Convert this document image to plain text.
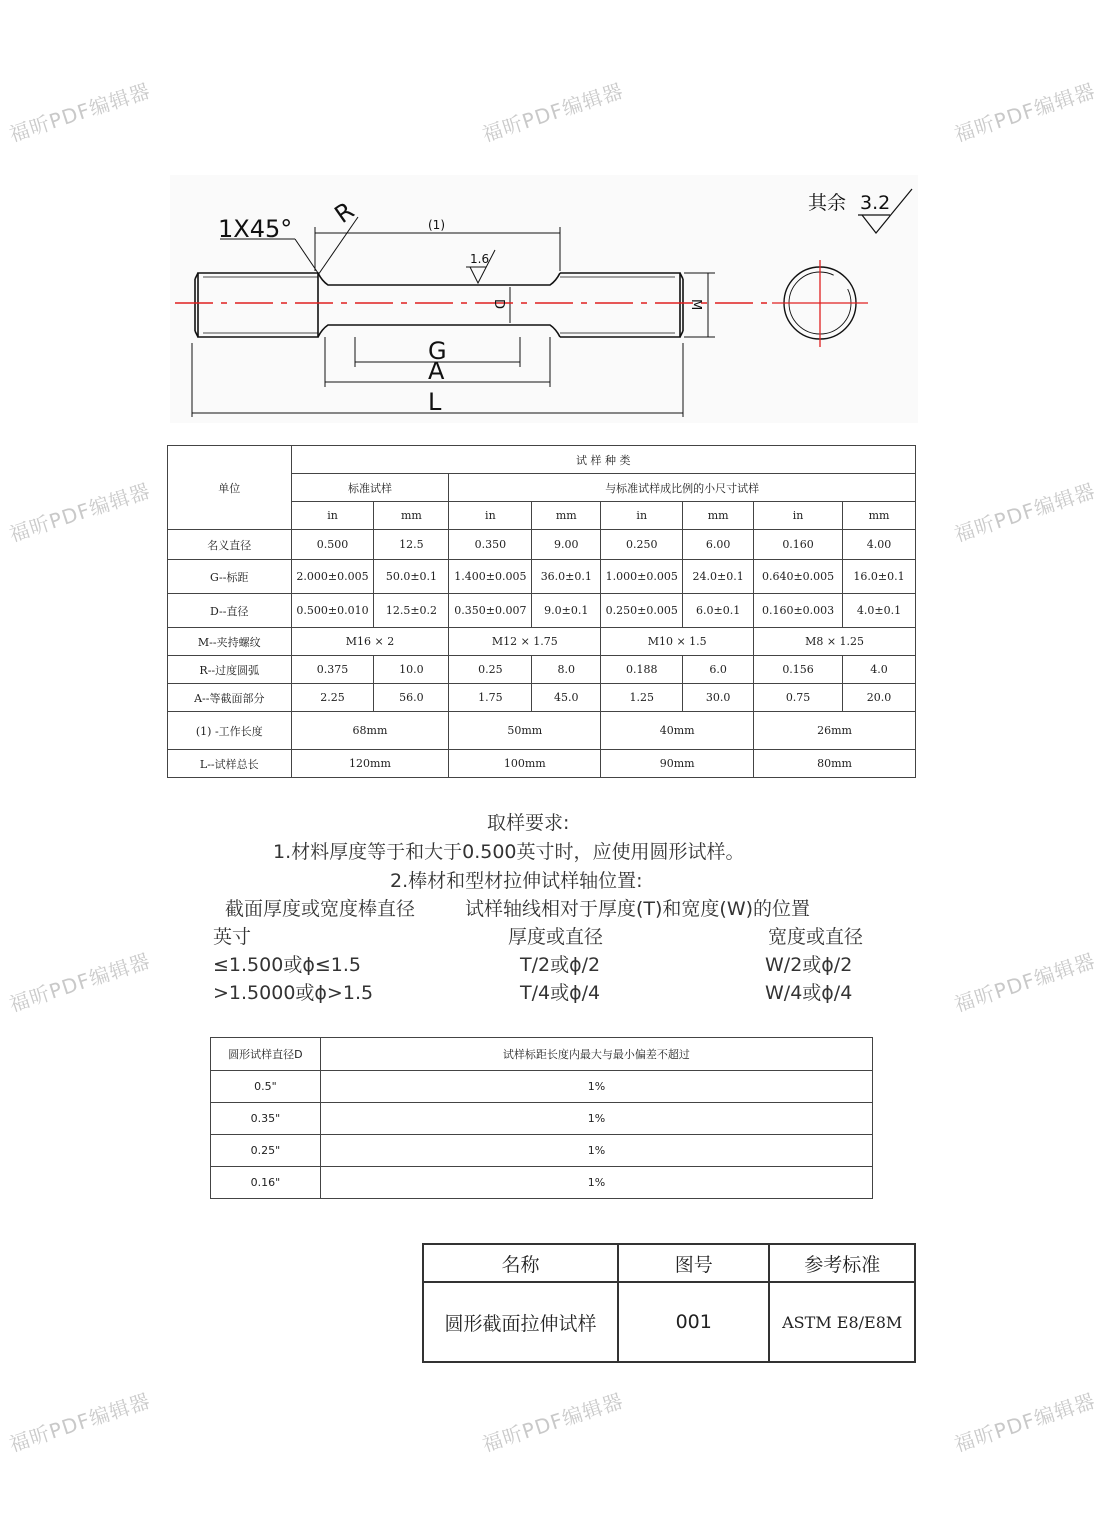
福昕PDF编辑器	福昕PDF编辑器	福昕PDF编辑器
福昕PDF编辑器	福昕PDF编辑器
福昕PDF编辑器	福昕PDF编辑器
福昕PDF编辑器	福昕PDF编辑器	福昕PDF编辑器
1X45°
R	(1)
1.6
D	M
G
A
L
其余 3.2
单位	试 样 种 类							
	标准试样		与标准试样成比例的小尺寸试样					
	in	mm	in	mm	in	mm	in	mm
名义直径	0.500	12.5	0.350	9.00	0.250	6.00	0.160	4.00
G--标距	2.000±0.005	50.0±0.1	1.400±0.005	36.0±0.1	1.000±0.005	24.0±0.1	0.640±0.005	16.0±0.1
D--直径	0.500±0.010	12.5±0.2	0.350±0.007	9.0±0.1	0.250±0.005	6.0±0.1	0.160±0.003	4.0±0.1
M--夹持螺纹	M16 × 2		M12 × 1.75		M10 × 1.5		M8 × 1.25	
R--过度圆弧	0.375	10.0	0.25	8.0	0.188	6.0	0.156	4.0
A--等截面部分	2.25	56.0	1.75	45.0	1.25	30.0	0.75	20.0
(1) -工作长度	68mm		50mm		40mm		26mm	
L--试样总长	120mm		100mm		90mm		80mm	
取样要求:
1.材料厚度等于和大于0.500英寸时，应使用圆形试样。
2.棒材和型材拉伸试样轴位置:
截面厚度或宽度棒直径	试样轴线相对于厚度(T)和宽度(W)的位置
英寸	厚度或直径	宽度或直径
≤1.500或ϕ≤1.5	T/2或ϕ/2	W/2或ϕ/2
>1.5000或ϕ>1.5	T/4或ϕ/4	W/4或ϕ/4
圆形试样直径D	试样标距长度内最大与最小偏差不超过
0.5"	1%
0.35"	1%
0.25"	1%
0.16"	1%
名称	图号	参考标准
圆形截面拉伸试样	001	ASTM E8/E8M
